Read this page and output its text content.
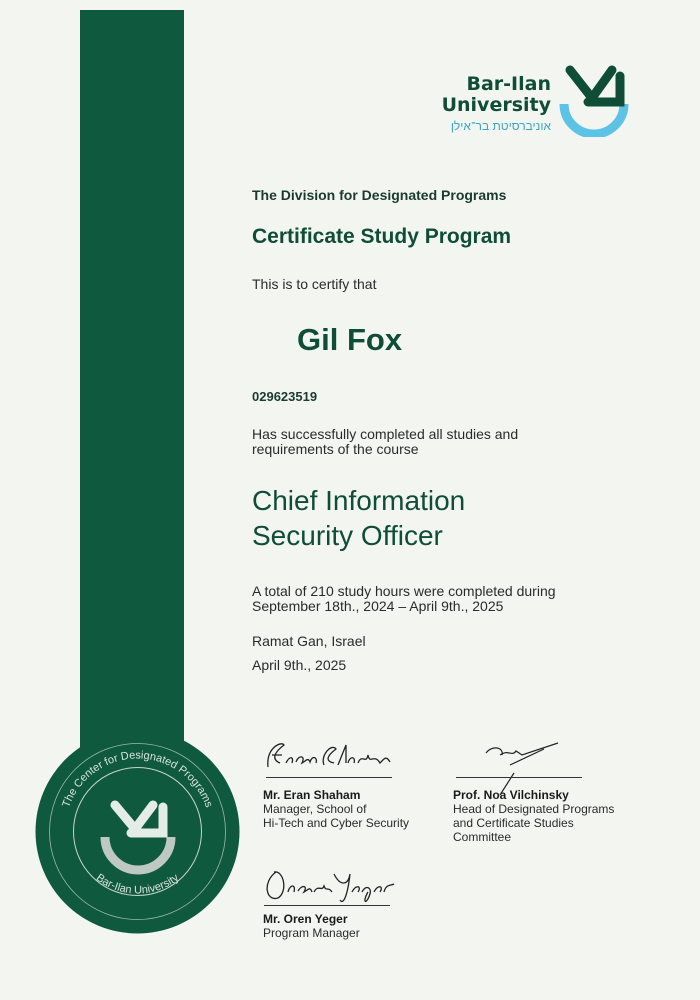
The Center for Designated Programs
Bar-Ilan University
Bar-Ilan
University
אוניברסיטת בר־אילן

The Division for Designated Programs

Certificate Study Program

This is to certify that

Gil Fox

029623519

Has successfully completed all studies and
requirements of the course

Chief Information
Security Officer

A total of 210 study hours were completed during
September 18th., 2024 – April 9th., 2025

Ramat Gan, Israel

April 9th., 2025

Mr. Eran Shaham
Manager, School of
Hi-Tech and Cyber Security
Prof. Noa Vilchinsky
Head of Designated Programs
and Certificate Studies
Committee
Mr. Oren Yeger
Program Manager
